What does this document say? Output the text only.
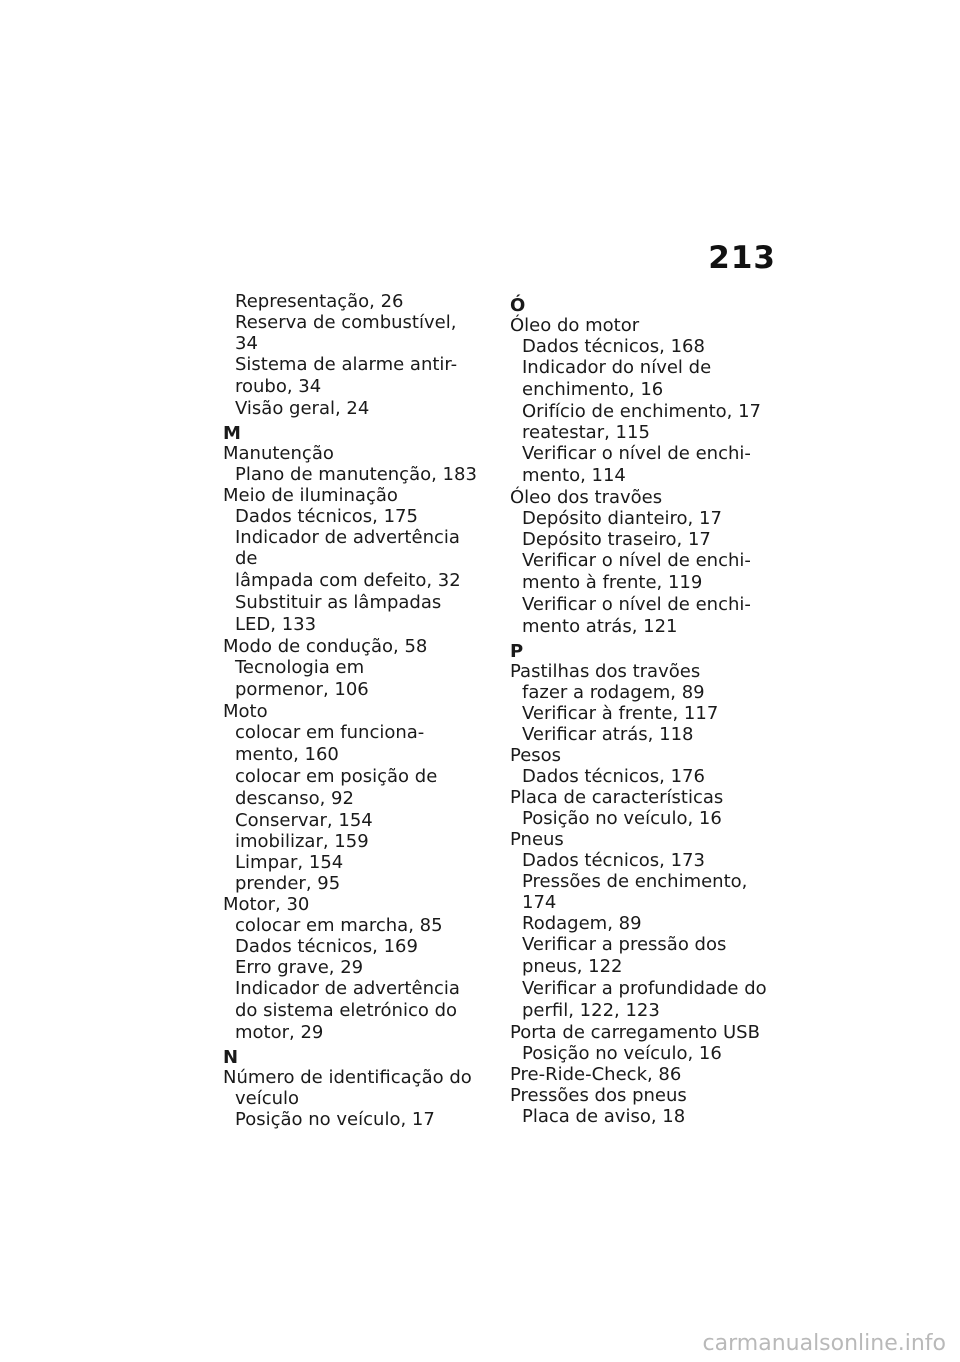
213
Representação, 26
Reserva de combustível, 34
Sistema de alarme antir-
roubo, 34
Visão geral, 24
M
Manutenção
Plano de manutenção, 183
Meio de iluminação
Dados técnicos, 175
Indicador de advertência de
lâmpada com defeito, 32
Substituir as lâmpadas
LED, 133
Modo de condução, 58
Tecnologia em
pormenor, 106
Moto
colocar em funciona-
mento, 160
colocar em posição de
descanso, 92
Conservar, 154
imobilizar, 159
Limpar, 154
prender, 95
Motor, 30
colocar em marcha, 85
Dados técnicos, 169
Erro grave, 29
Indicador de advertência
do sistema eletrónico do
motor, 29
N
Número de identificação do
veículo
Posição no veículo, 17
Ó
Óleo do motor
Dados técnicos, 168
Indicador do nível de
enchimento, 16
Orifício de enchimento, 17
reatestar, 115
Verificar o nível de enchi-
mento, 114
Óleo dos travões
Depósito dianteiro, 17
Depósito traseiro, 17
Verificar o nível de enchi-
mento à frente, 119
Verificar o nível de enchi-
mento atrás, 121
P
Pastilhas dos travões
fazer a rodagem, 89
Verificar à frente, 117
Verificar atrás, 118
Pesos
Dados técnicos, 176
Placa de características
Posição no veículo, 16
Pneus
Dados técnicos, 173
Pressões de enchimento, 174
Rodagem, 89
Verificar a pressão dos
pneus, 122
Verificar a profundidade do
perfil, 122, 123
Porta de carregamento USB
Posição no veículo, 16
Pre-Ride-Check, 86
Pressões dos pneus
Placa de aviso, 18
carmanualsonline.info
